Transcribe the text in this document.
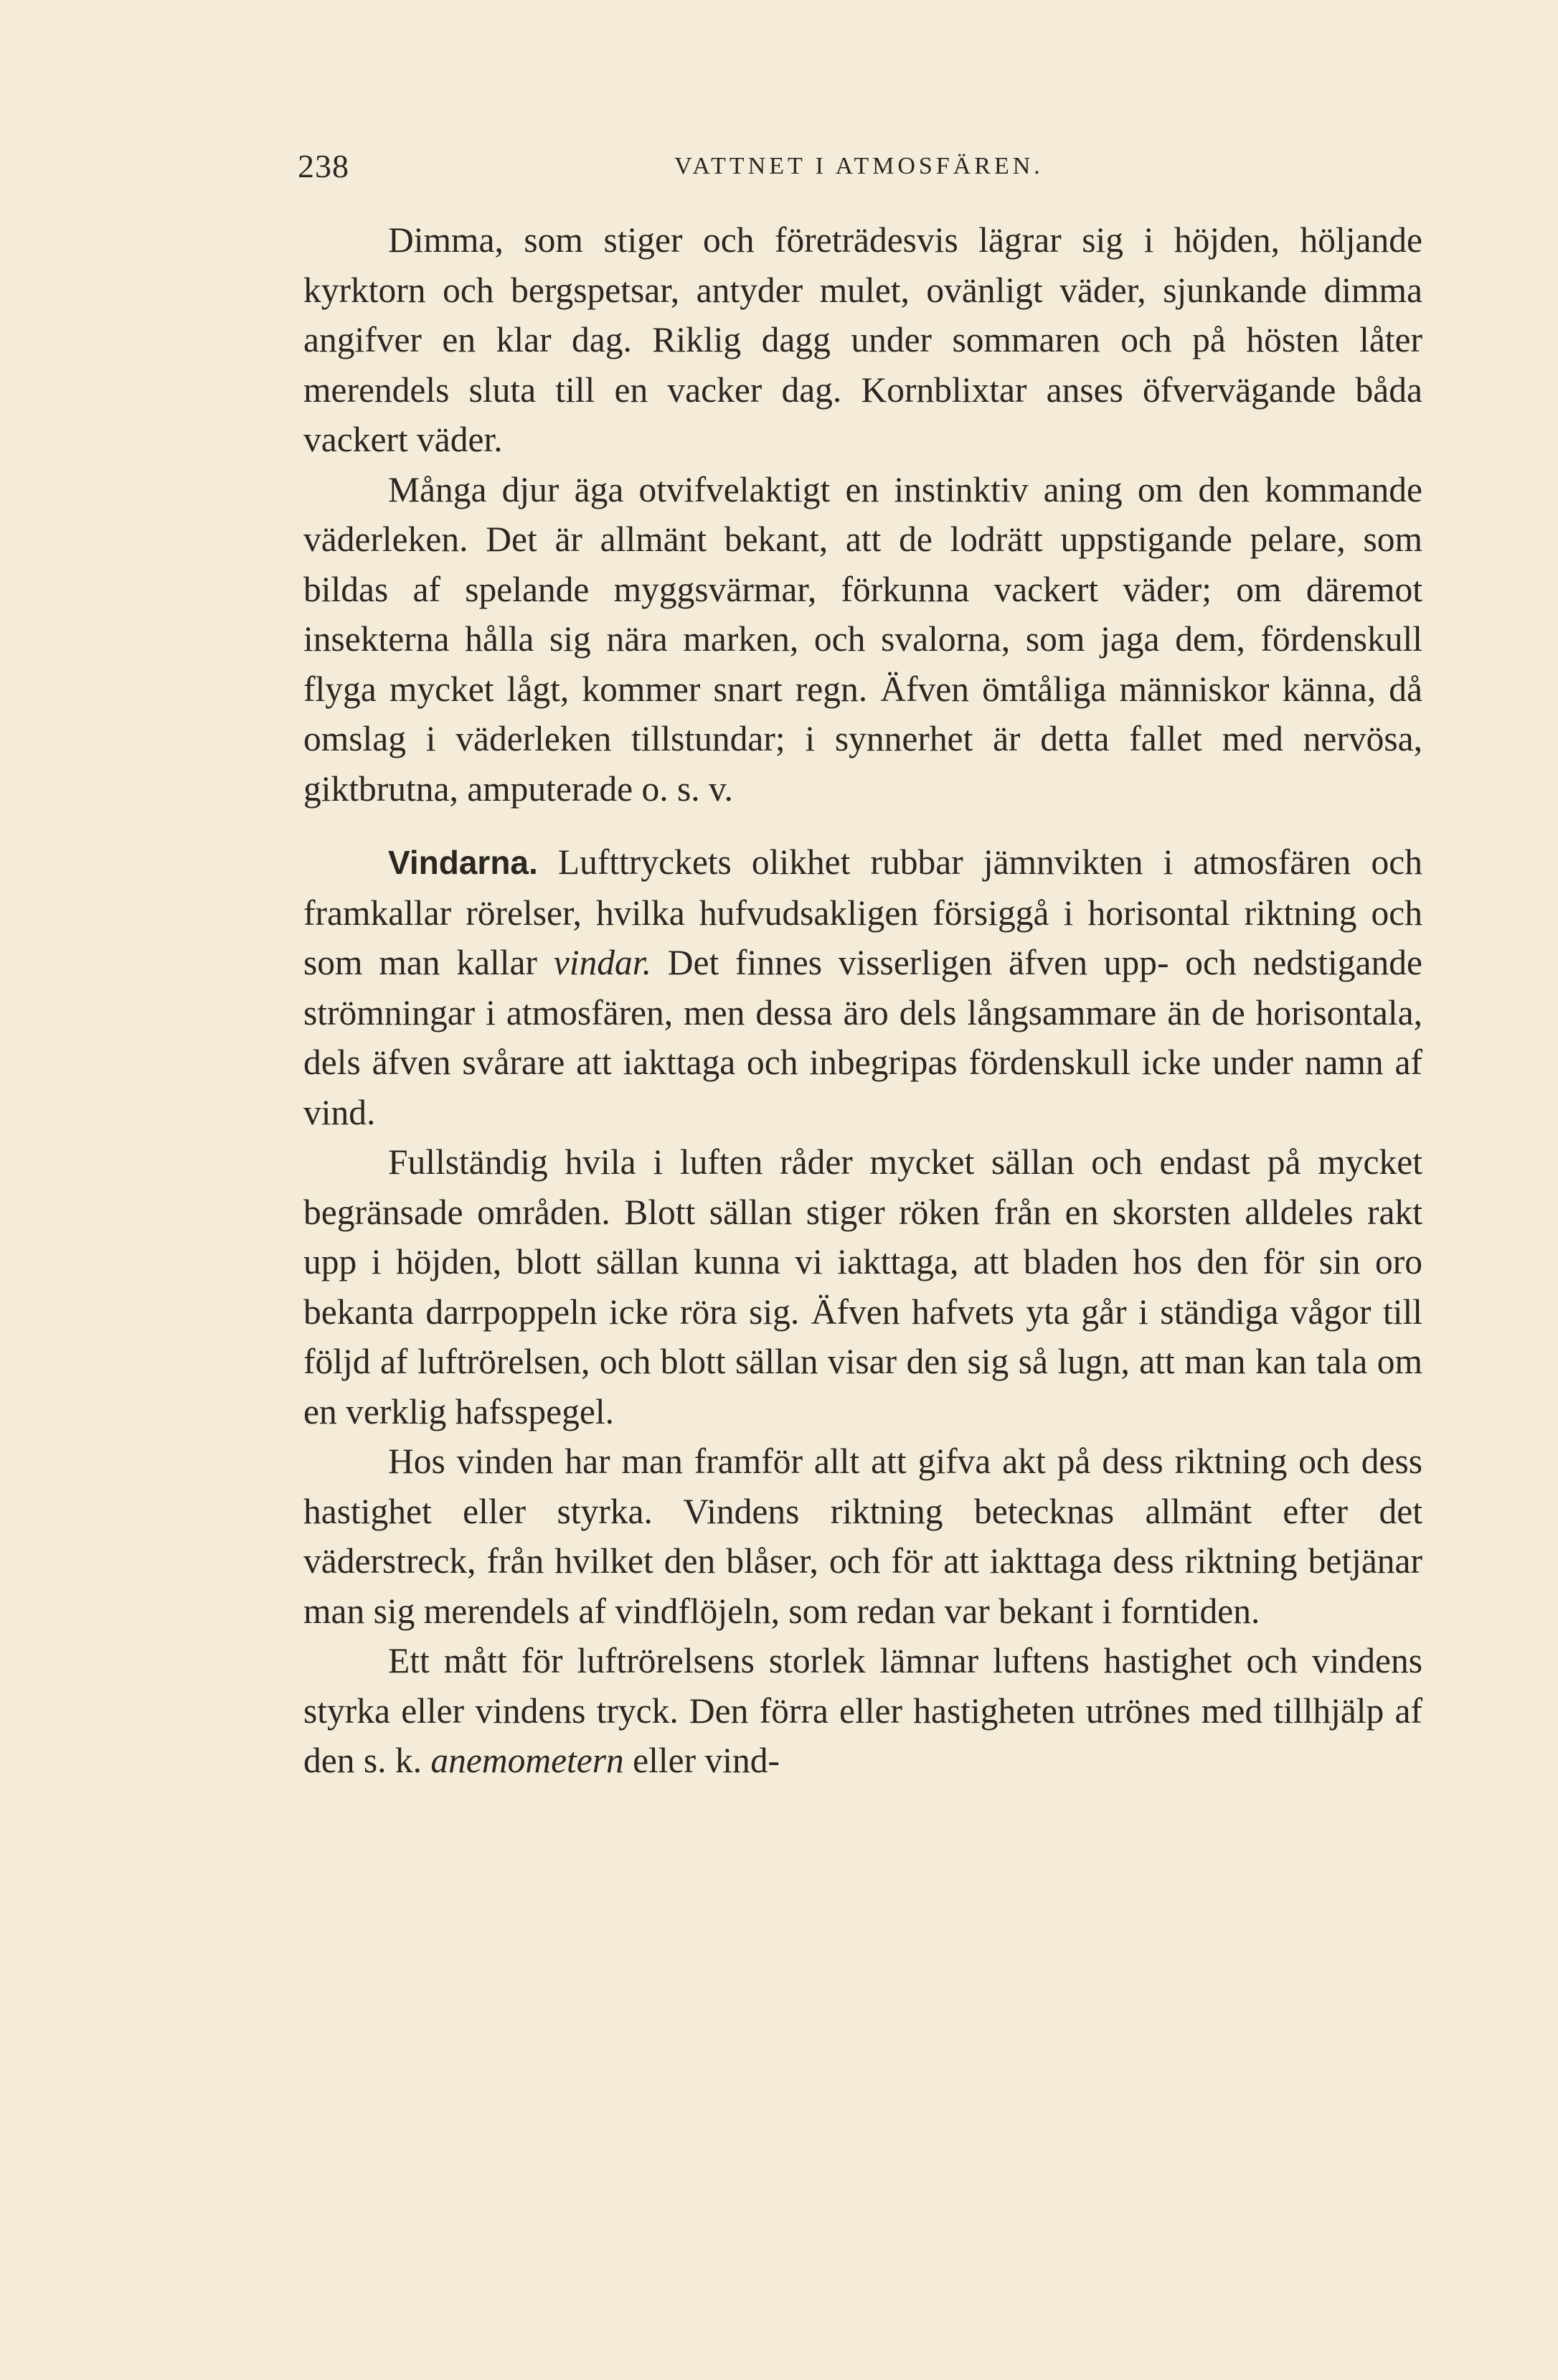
238	VATTNET I ATMOSFÄREN.

Dimma, som stiger och företrädesvis lägrar sig i höjden, höljande kyrktorn och bergspetsar, antyder mulet, ovänligt väder, sjunkande dimma angifver en klar dag. Riklig dagg under sommaren och på hösten låter merendels sluta till en vacker dag. Kornblixtar anses öfvervägande båda vackert väder.

Många djur äga otvifvelaktigt en instinktiv aning om den kommande väderleken. Det är allmänt bekant, att de lodrätt uppstigande pelare, som bildas af spelande myggsvärmar, förkunna vackert väder; om däremot insekterna hålla sig nära marken, och svalorna, som jaga dem, fördenskull flyga mycket lågt, kommer snart regn. Äfven ömtåliga människor känna, då omslag i väderleken tillstundar; i synnerhet är detta fallet med nervösa, giktbrutna, amputerade o. s. v.

Vindarna. Lufttryckets olikhet rubbar jämnvikten i atmosfären och framkallar rörelser, hvilka hufvudsakligen försiggå i horisontal riktning och som man kallar vindar. Det finnes visserligen äfven upp- och nedstigande strömningar i atmosfären, men dessa äro dels långsammare än de horisontala, dels äfven svårare att iakttaga och inbegripas fördenskull icke under namn af vind.

Fullständig hvila i luften råder mycket sällan och endast på mycket begränsade områden. Blott sällan stiger röken från en skorsten alldeles rakt upp i höjden, blott sällan kunna vi iakttaga, att bladen hos den för sin oro bekanta darrpoppeln icke röra sig. Äfven hafvets yta går i ständiga vågor till följd af luftrörelsen, och blott sällan visar den sig så lugn, att man kan tala om en verklig hafsspegel.

Hos vinden har man framför allt att gifva akt på dess riktning och dess hastighet eller styrka. Vindens riktning betecknas allmänt efter det väderstreck, från hvilket den blåser, och för att iakttaga dess riktning betjänar man sig merendels af vindflöjeln, som redan var bekant i forntiden.

Ett mått för luftrörelsens storlek lämnar luftens hastighet och vindens styrka eller vindens tryck. Den förra eller hastigheten utrönes med tillhjälp af den s. k. anemometern eller vind-
